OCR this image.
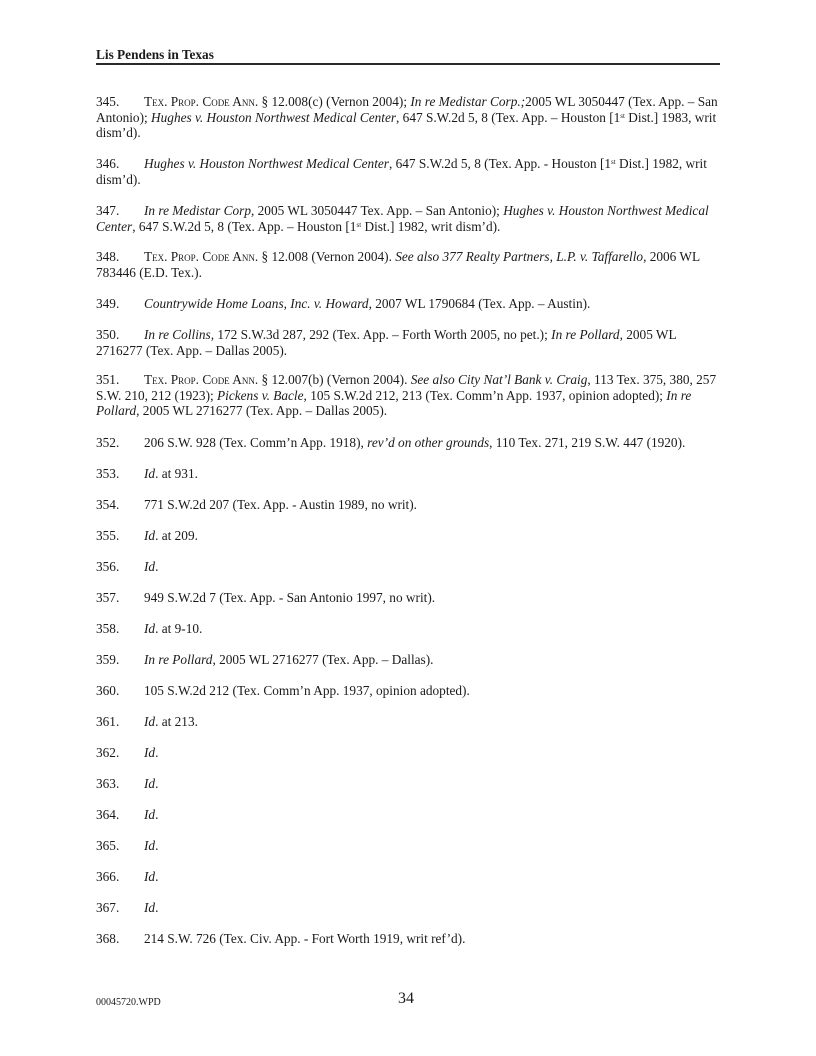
Lis Pendens in Texas
345. Tex. Prop. Code Ann. § 12.008(c) (Vernon 2004); In re Medistar Corp.;2005 WL 3050447 (Tex. App. – San Antonio); Hughes v. Houston Northwest Medical Center, 647 S.W.2d 5, 8 (Tex. App. – Houston [1st Dist.] 1983, writ dism’d).
346. Hughes v. Houston Northwest Medical Center, 647 S.W.2d 5, 8 (Tex. App. - Houston [1st Dist.] 1982, writ dism’d).
347. In re Medistar Corp, 2005 WL 3050447 Tex. App. – San Antonio); Hughes v. Houston Northwest Medical Center, 647 S.W.2d 5, 8 (Tex. App. – Houston [1st Dist.] 1982, writ dism’d).
348. Tex. Prop. Code Ann. § 12.008 (Vernon 2004). See also 377 Realty Partners, L.P. v. Taffarello, 2006 WL 783446 (E.D. Tex.).
349. Countrywide Home Loans, Inc. v. Howard, 2007 WL 1790684 (Tex. App. – Austin).
350. In re Collins, 172 S.W.3d 287, 292 (Tex. App. – Forth Worth 2005, no pet.); In re Pollard, 2005 WL 2716277 (Tex. App. – Dallas 2005).
351. Tex. Prop. Code Ann. § 12.007(b) (Vernon 2004). See also City Nat’l Bank v. Craig, 113 Tex. 375, 380, 257 S.W. 210, 212 (1923); Pickens v. Bacle, 105 S.W.2d 212, 213 (Tex. Comm’n App. 1937, opinion adopted); In re Pollard, 2005 WL 2716277 (Tex. App. – Dallas 2005).
352. 206 S.W. 928 (Tex. Comm’n App. 1918), rev’d on other grounds, 110 Tex. 271, 219 S.W. 447 (1920).
353. Id. at 931.
354. 771 S.W.2d 207 (Tex. App. - Austin 1989, no writ).
355. Id. at 209.
356. Id.
357. 949 S.W.2d 7 (Tex. App. - San Antonio 1997, no writ).
358. Id. at 9-10.
359. In re Pollard, 2005 WL 2716277 (Tex. App. – Dallas).
360. 105 S.W.2d 212 (Tex. Comm’n App. 1937, opinion adopted).
361. Id. at 213.
362. Id.
363. Id.
364. Id.
365. Id.
366. Id.
367. Id.
368. 214 S.W. 726 (Tex. Civ. App. - Fort Worth 1919, writ ref’d).
00045720.WPD	34
